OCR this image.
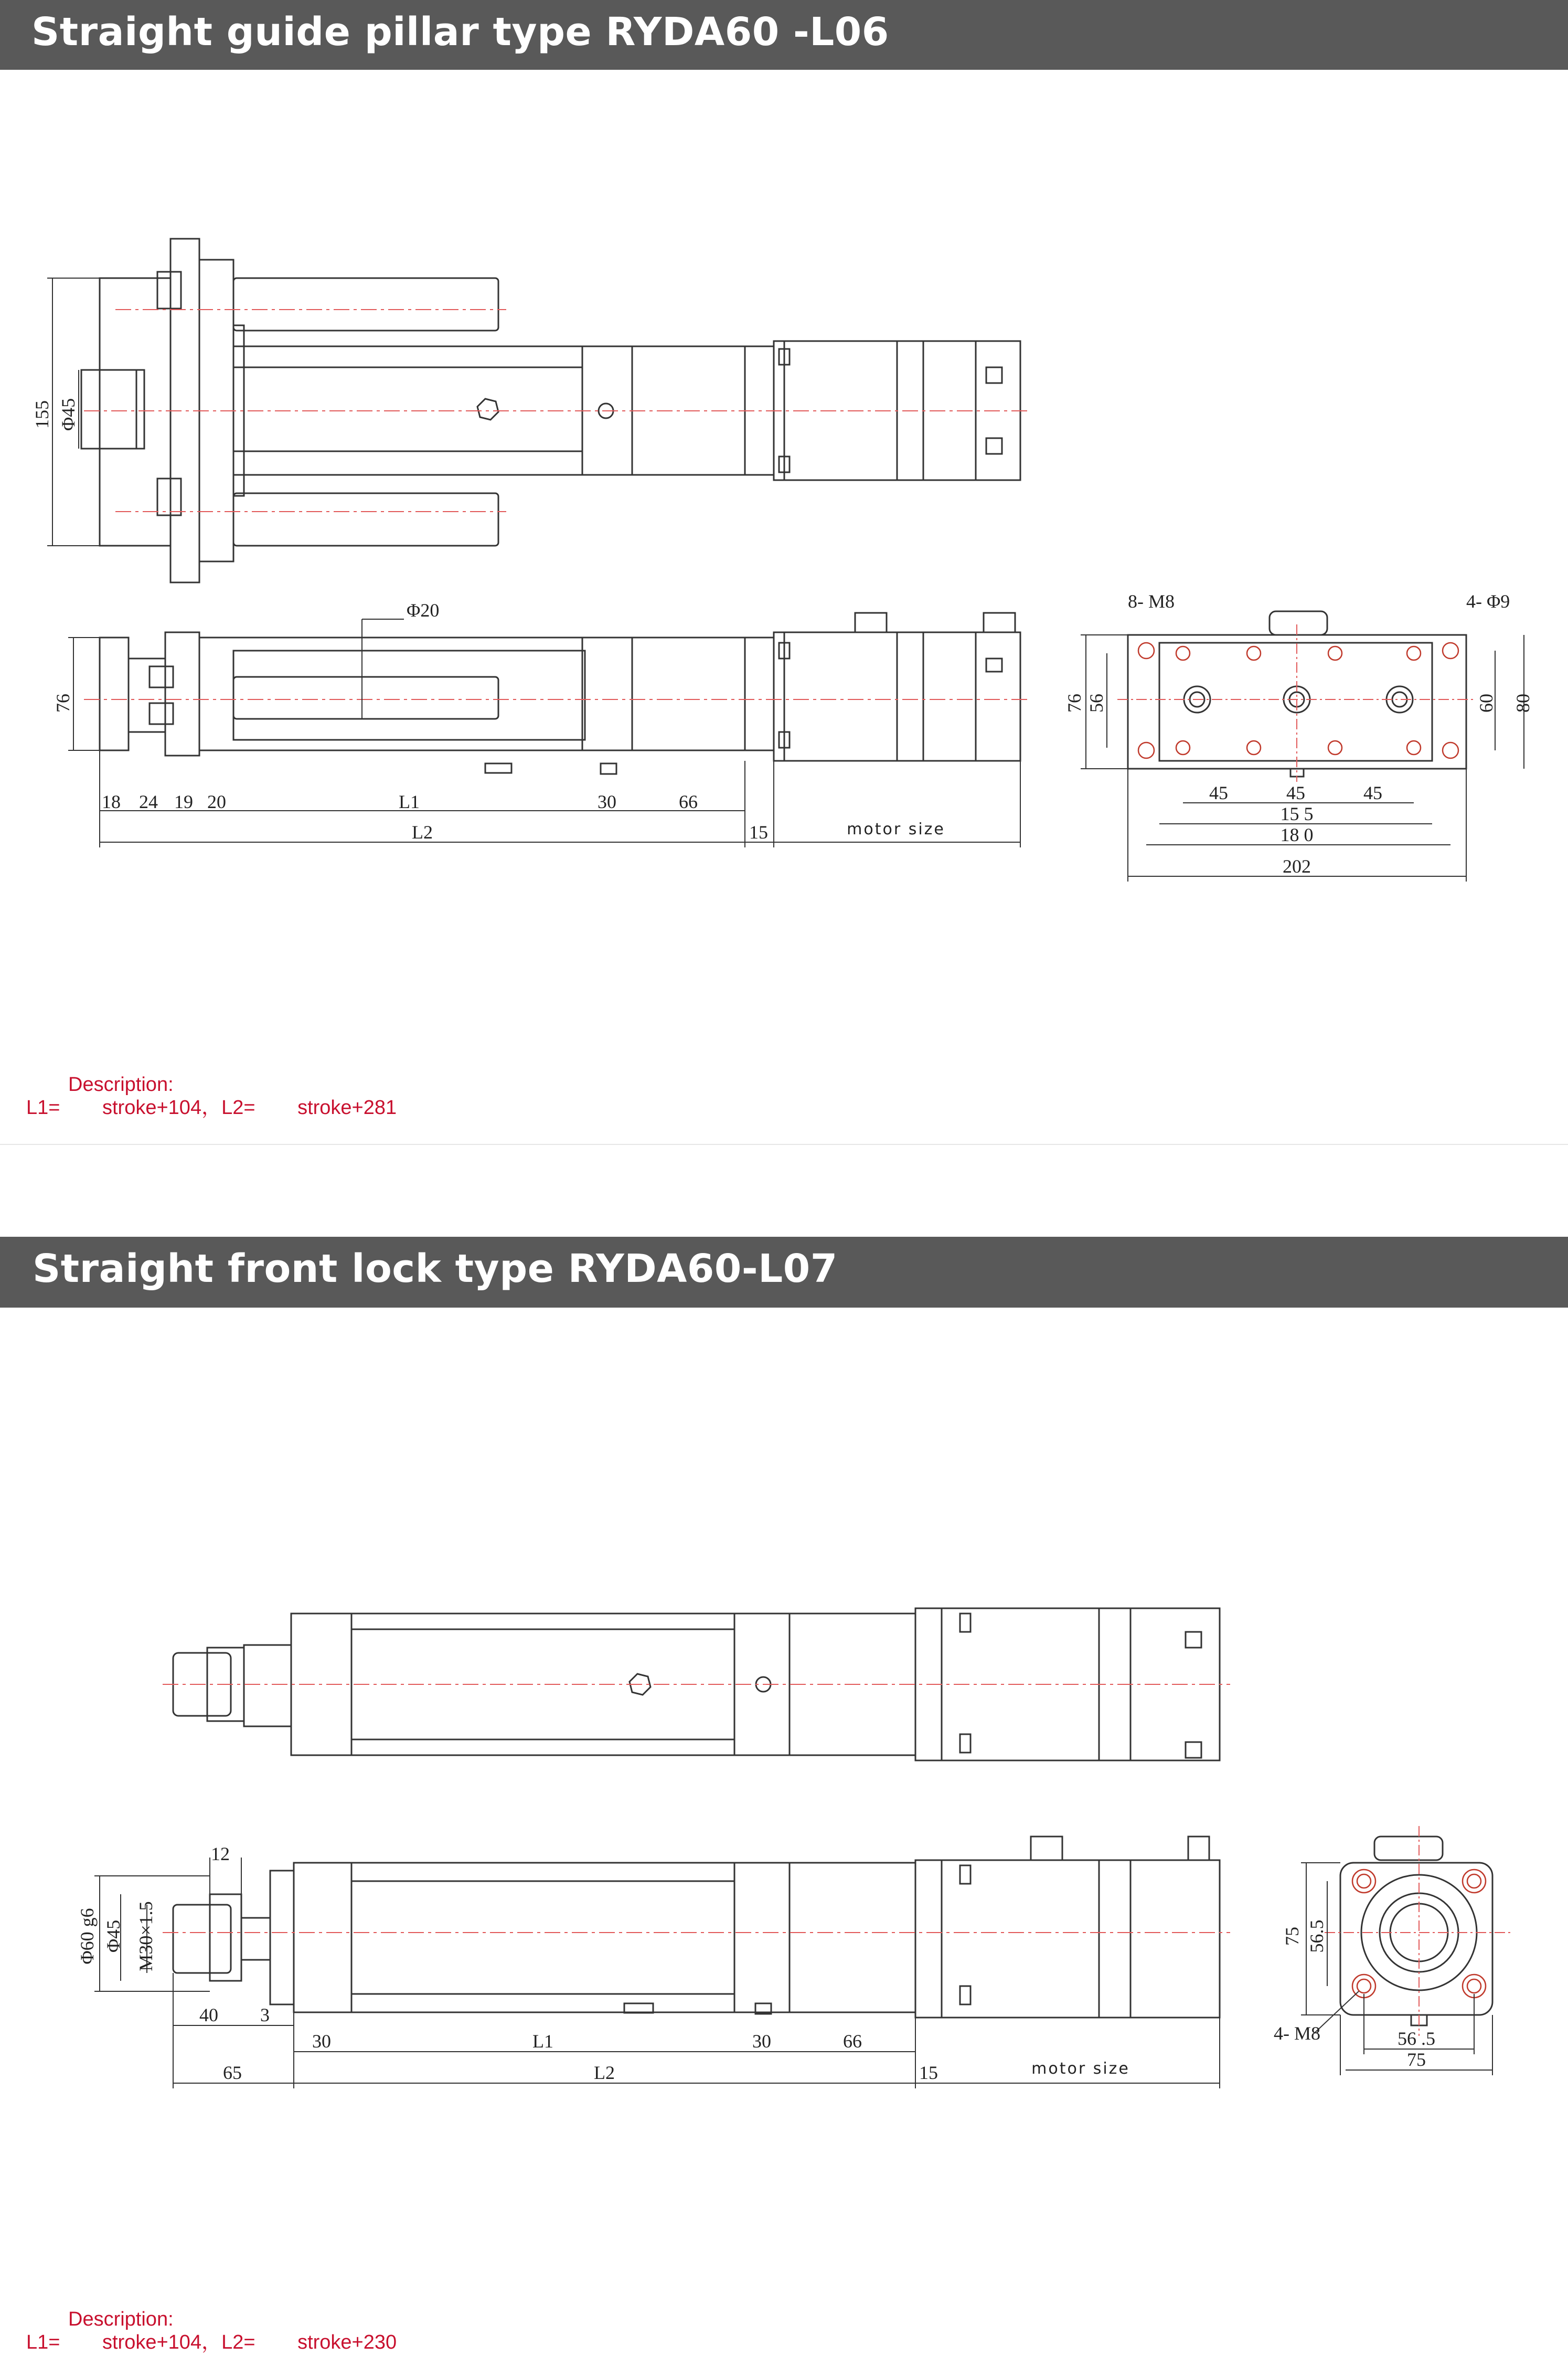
Straight guide pillar type RYDA60 -L06
155 Φ45
Φ20
76
18 24 19 20	L1	30	66
L2	15	motor size
8- M8	4- Φ9
76 56	60 80
45	45	45
15 5
18 0
202
Description:
L1= stroke+104，L2= stroke+281
Straight front lock type RYDA60-L07
12
Φ60 g6 Φ45 M30×1.5
40 3
30	L1	30	66
65	L2	15	motor size
75 56.5
4- M8	56 .5
75
Description:
L1= stroke+104，L2= stroke+230
